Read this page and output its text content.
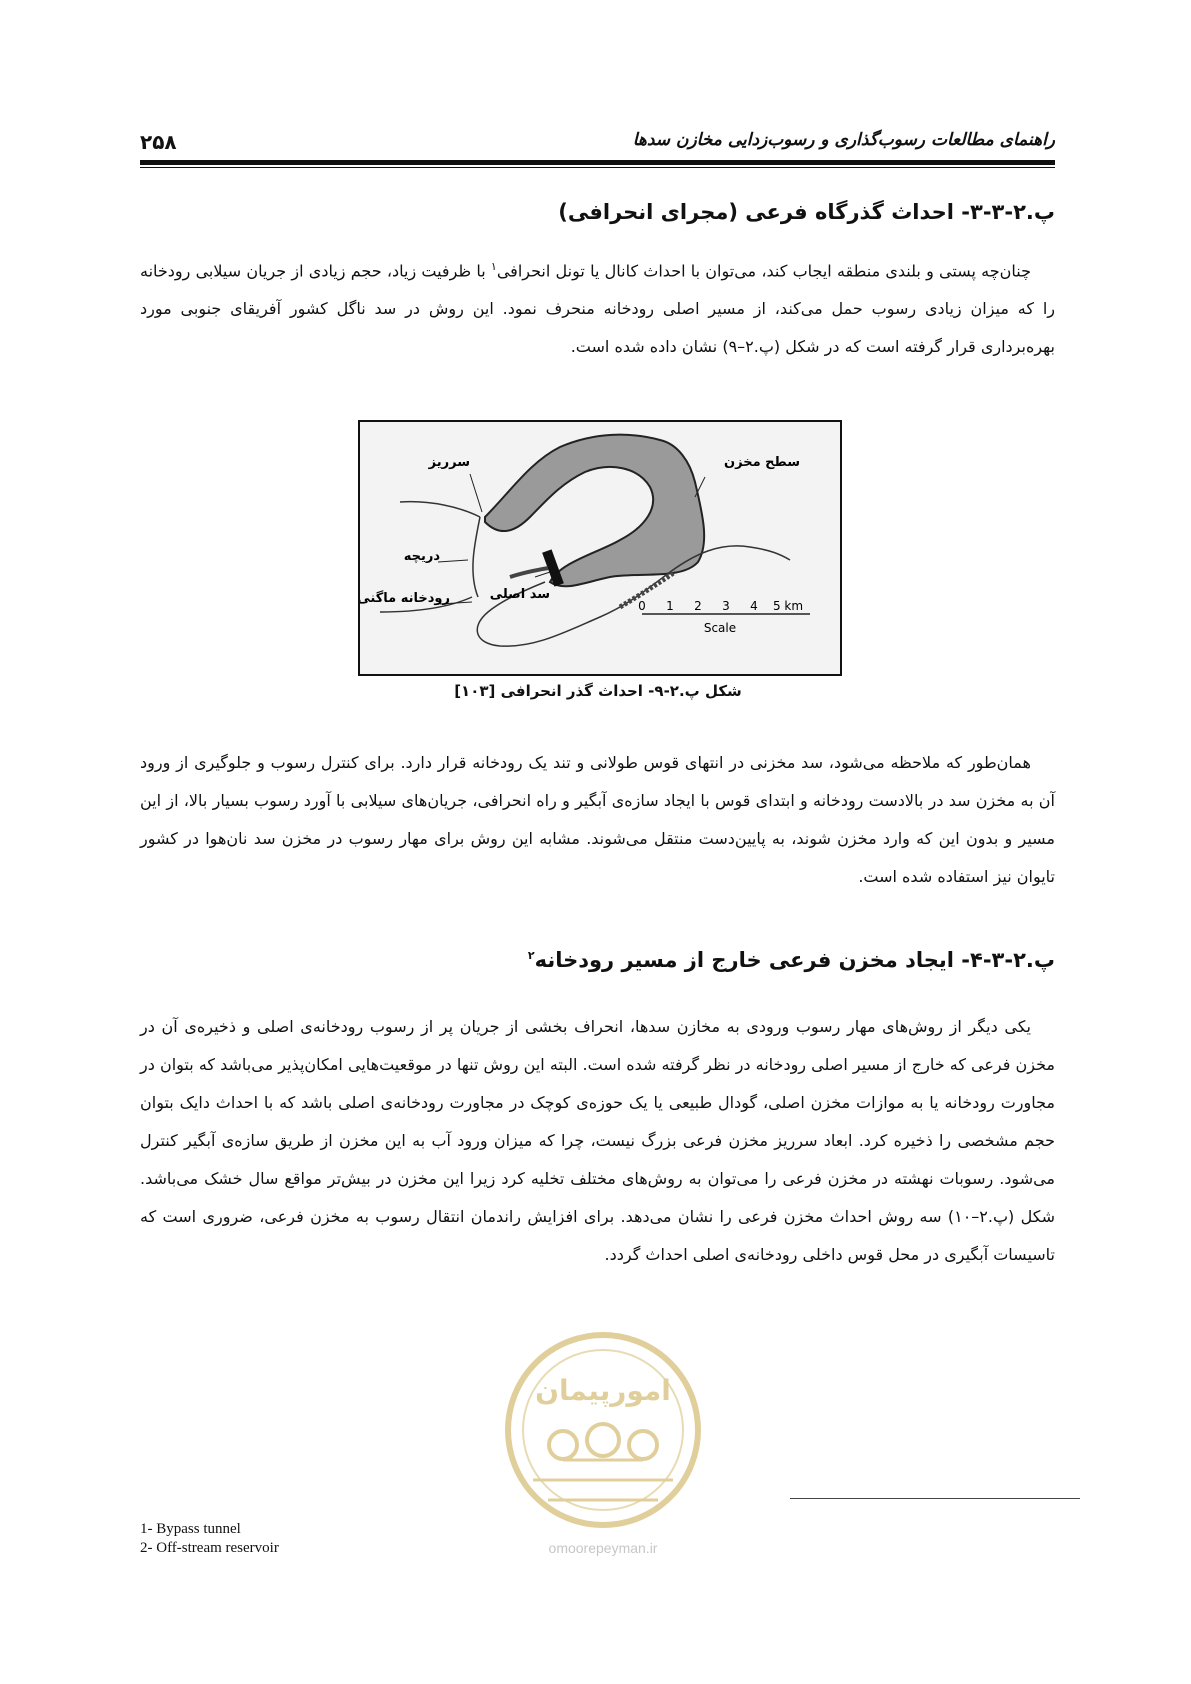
۲۵۸	راهنمای مطالعات رسوب‌گذاری و رسوب‌زدایی مخازن سدها
پ.۲-۳-۳- احداث گذرگاه فرعی (مجرای انحرافی)

چنان‌چه پستی و بلندی منطقه ایجاب کند، می‌توان با احداث کانال یا تونل انحرافی$^۱$ با ظرفیت زیاد، حجم زیادی از جریان سیلابی رودخانه را که میزان زیادی رسوب حمل می‌کند، از مسیر اصلی رودخانه منحرف نمود. این روش در سد ناگل کشور آفریقای جنوبی مورد بهره‌برداری قرار گرفته است که در شکل (پ.۲–۹) نشان داده شده است.

سرریز	سطح مخزن
دریچه
رودخانه ماگنی	سد اصلی
0 1 2 3 4 5 km
Scale
شکل پ.۲-۹- احداث گذر انحرافی [۱۰۳]

همان‌طور که ملاحظه می‌شود، سد مخزنی در انتهای قوس طولانی و تند یک رودخانه قرار دارد. برای کنترل رسوب و جلوگیری از ورود آن به مخزن سد در بالادست رودخانه و ابتدای قوس با ایجاد سازه‌ی آبگیر و راه انحرافی، جریان‌های سیلابی با آورد رسوب بسیار بالا، از این مسیر و بدون این که وارد مخزن شوند، به پایین‌دست منتقل می‌شوند. مشابه این روش برای مهار رسوب در مخزن سد نان‌هوا در کشور تایوان نیز استفاده شده است.

پ.۲-۳-۴- ایجاد مخزن فرعی خارج از مسیر رودخانه$^۲$

یکی دیگر از روش‌های مهار رسوب ورودی به مخازن سدها، انحراف بخشی از جریان پر از رسوب رودخانه‌ی اصلی و ذخیره‌ی آن در مخزن فرعی که خارج از مسیر اصلی رودخانه در نظر گرفته شده است. البته این روش تنها در موقعیت‌هایی امکان‌پذیر می‌باشد که بتوان در مجاورت رودخانه یا به موازات مخزن اصلی، گودال طبیعی یا یک حوزه‌ی کوچک در مجاورت رودخانه‌ی اصلی باشد که با احداث دایک بتوان حجم مشخصی را ذخیره کرد. ابعاد سرریز مخزن فرعی بزرگ نیست، چرا که میزان ورود آب به این مخزن از طریق سازه‌ی آبگیر کنترل می‌شود. رسوبات نهشته در مخزن فرعی را می‌توان به روش‌های مختلف تخلیه کرد زیرا این مخزن در بیش‌تر مواقع سال خشک می‌باشد. شکل (پ.۲–۱۰) سه روش احداث مخزن فرعی را نشان می‌دهد. برای افزایش راندمان انتقال رسوب به مخزن فرعی، ضروری است که تاسیسات آبگیری در محل قوس داخلی رودخانه‌ی اصلی احداث گردد.

امورپیمان
omoorepeyman.ir
1- Bypass tunnel
2- Off-stream reservoir
